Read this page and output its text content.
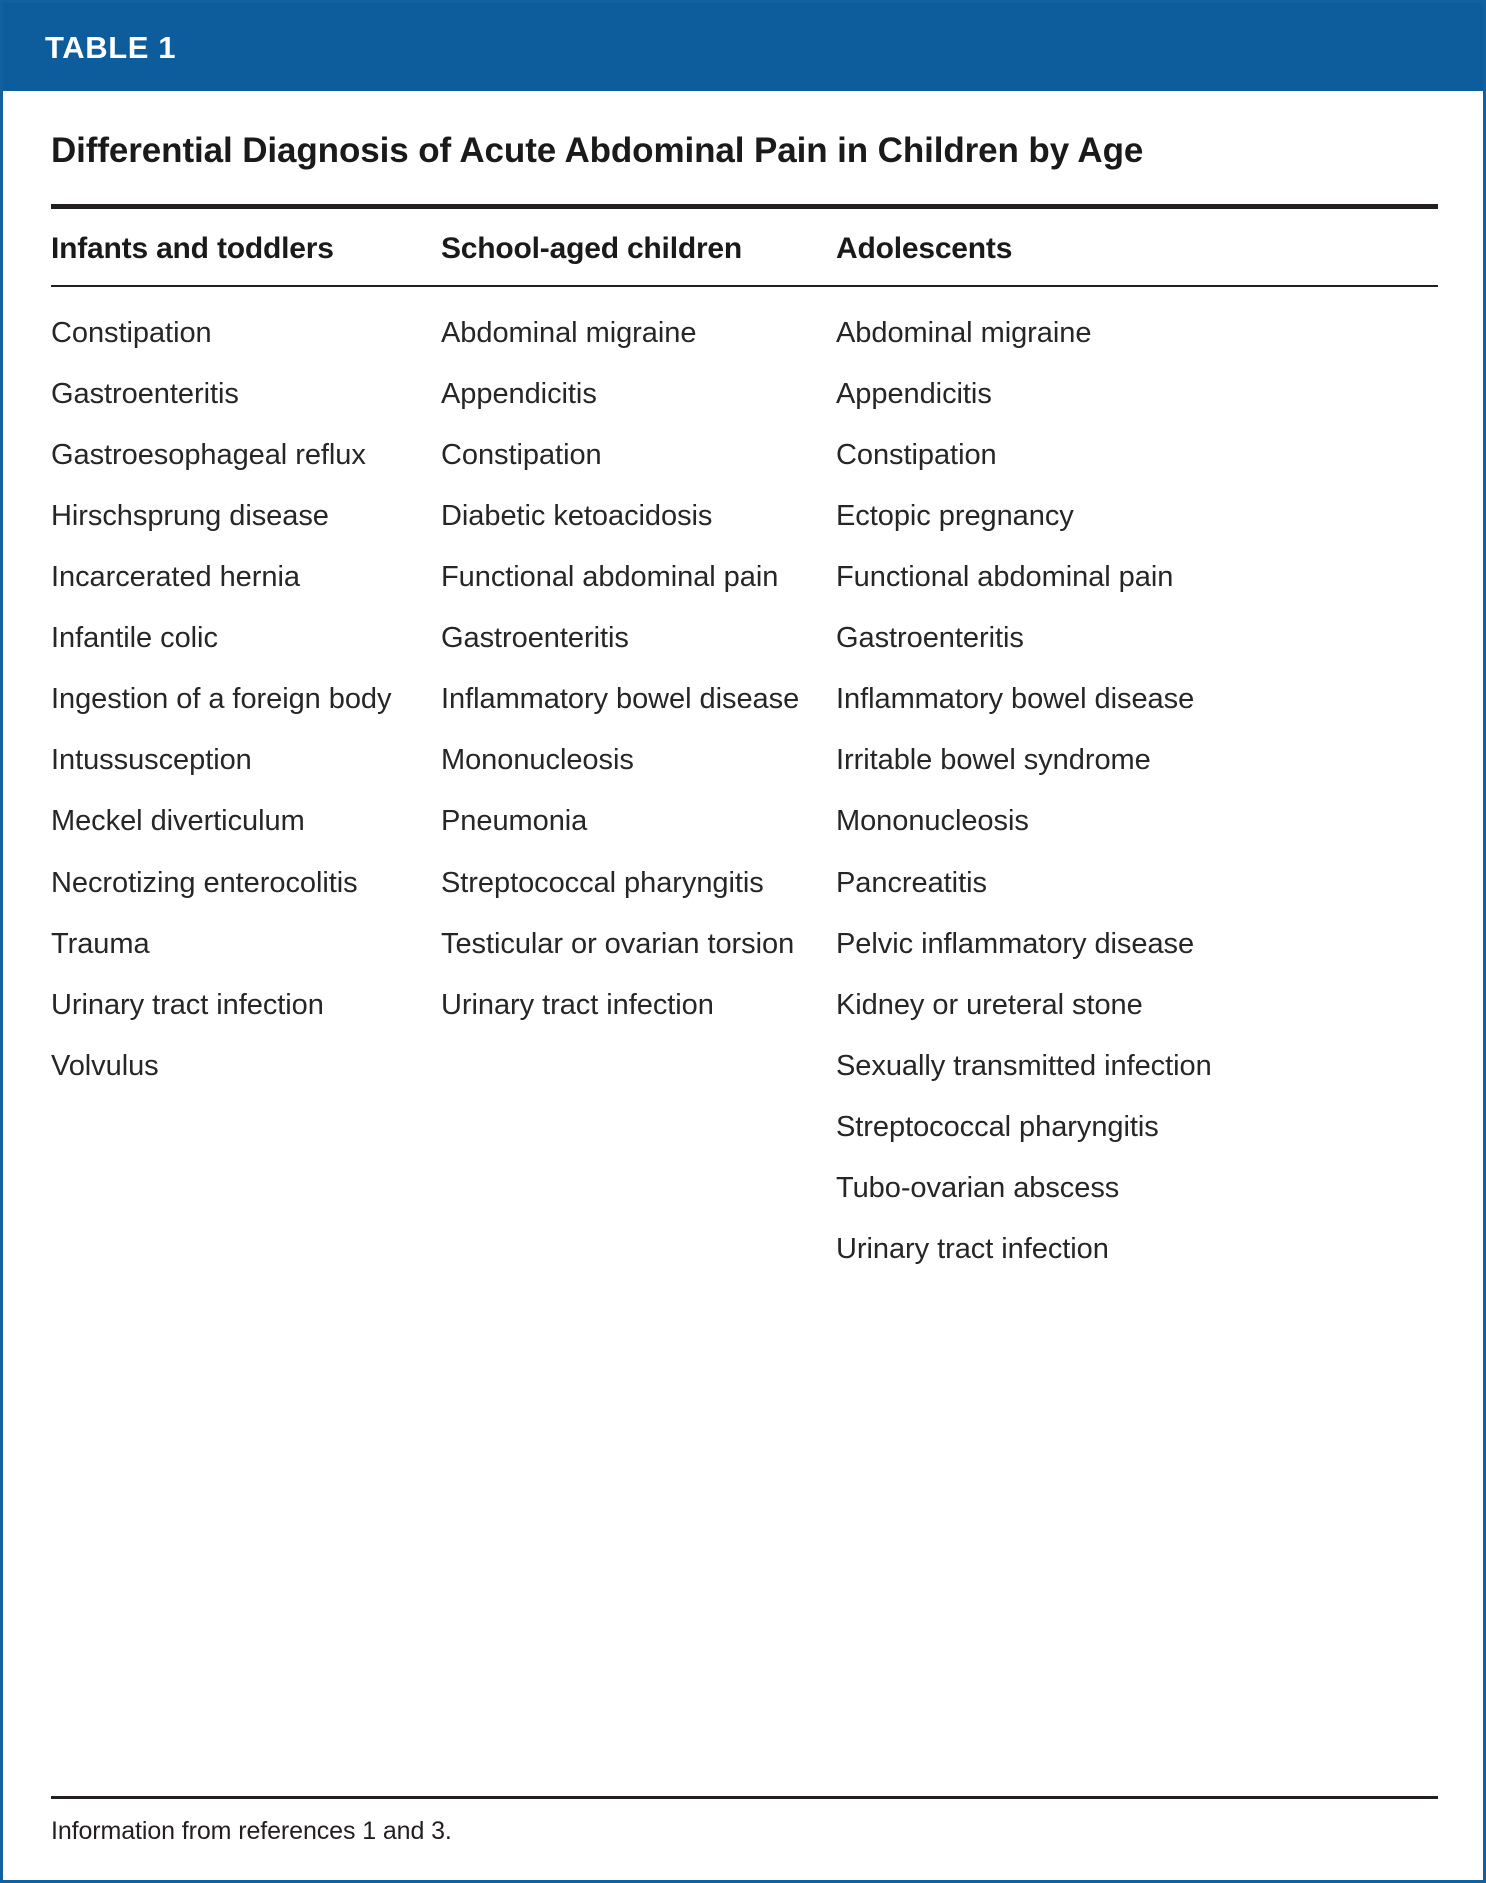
TABLE 1
Differential Diagnosis of Acute Abdominal Pain in Children by Age
Infants and toddlers	School-aged children	Adolescents
Constipation
Gastroenteritis
Gastroesophageal reflux
Hirschsprung disease
Incarcerated hernia
Infantile colic
Ingestion of a foreign body
Intussusception
Meckel diverticulum
Necrotizing enterocolitis
Trauma
Urinary tract infection
Volvulus
Abdominal migraine
Appendicitis
Constipation
Diabetic ketoacidosis
Functional abdominal pain
Gastroenteritis
Inflammatory bowel disease
Mononucleosis
Pneumonia
Streptococcal pharyngitis
Testicular or ovarian torsion
Urinary tract infection
Abdominal migraine
Appendicitis
Constipation
Ectopic pregnancy
Functional abdominal pain
Gastroenteritis
Inflammatory bowel disease
Irritable bowel syndrome
Mononucleosis
Pancreatitis
Pelvic inflammatory disease
Kidney or ureteral stone
Sexually transmitted infection
Streptococcal pharyngitis
Tubo-ovarian abscess
Urinary tract infection
Information from references 1 and 3.
